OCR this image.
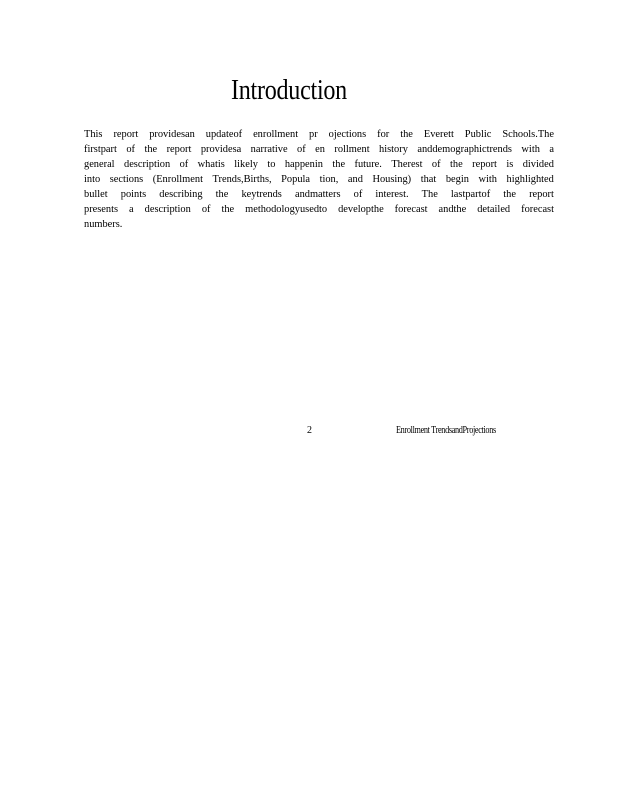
Introduction
This report providesan updateof enrollment pr ojections for the Everett Public Schools.The
firstpart of the report providesa narrative of en rollment history anddemographictrends with a
general description of whatis likely to happenin the future. Therest of the report is divided
into sections (Enrollment Trends,Births, Popula tion, and Housing) that begin with highlighted
bullet points describing the keytrends andmatters of interest. The lastpartof the report
presents a description of the methodologyusedto developthe forecast andthe detailed forecast
numbers.
2	Enrollment TrendsandProjections
